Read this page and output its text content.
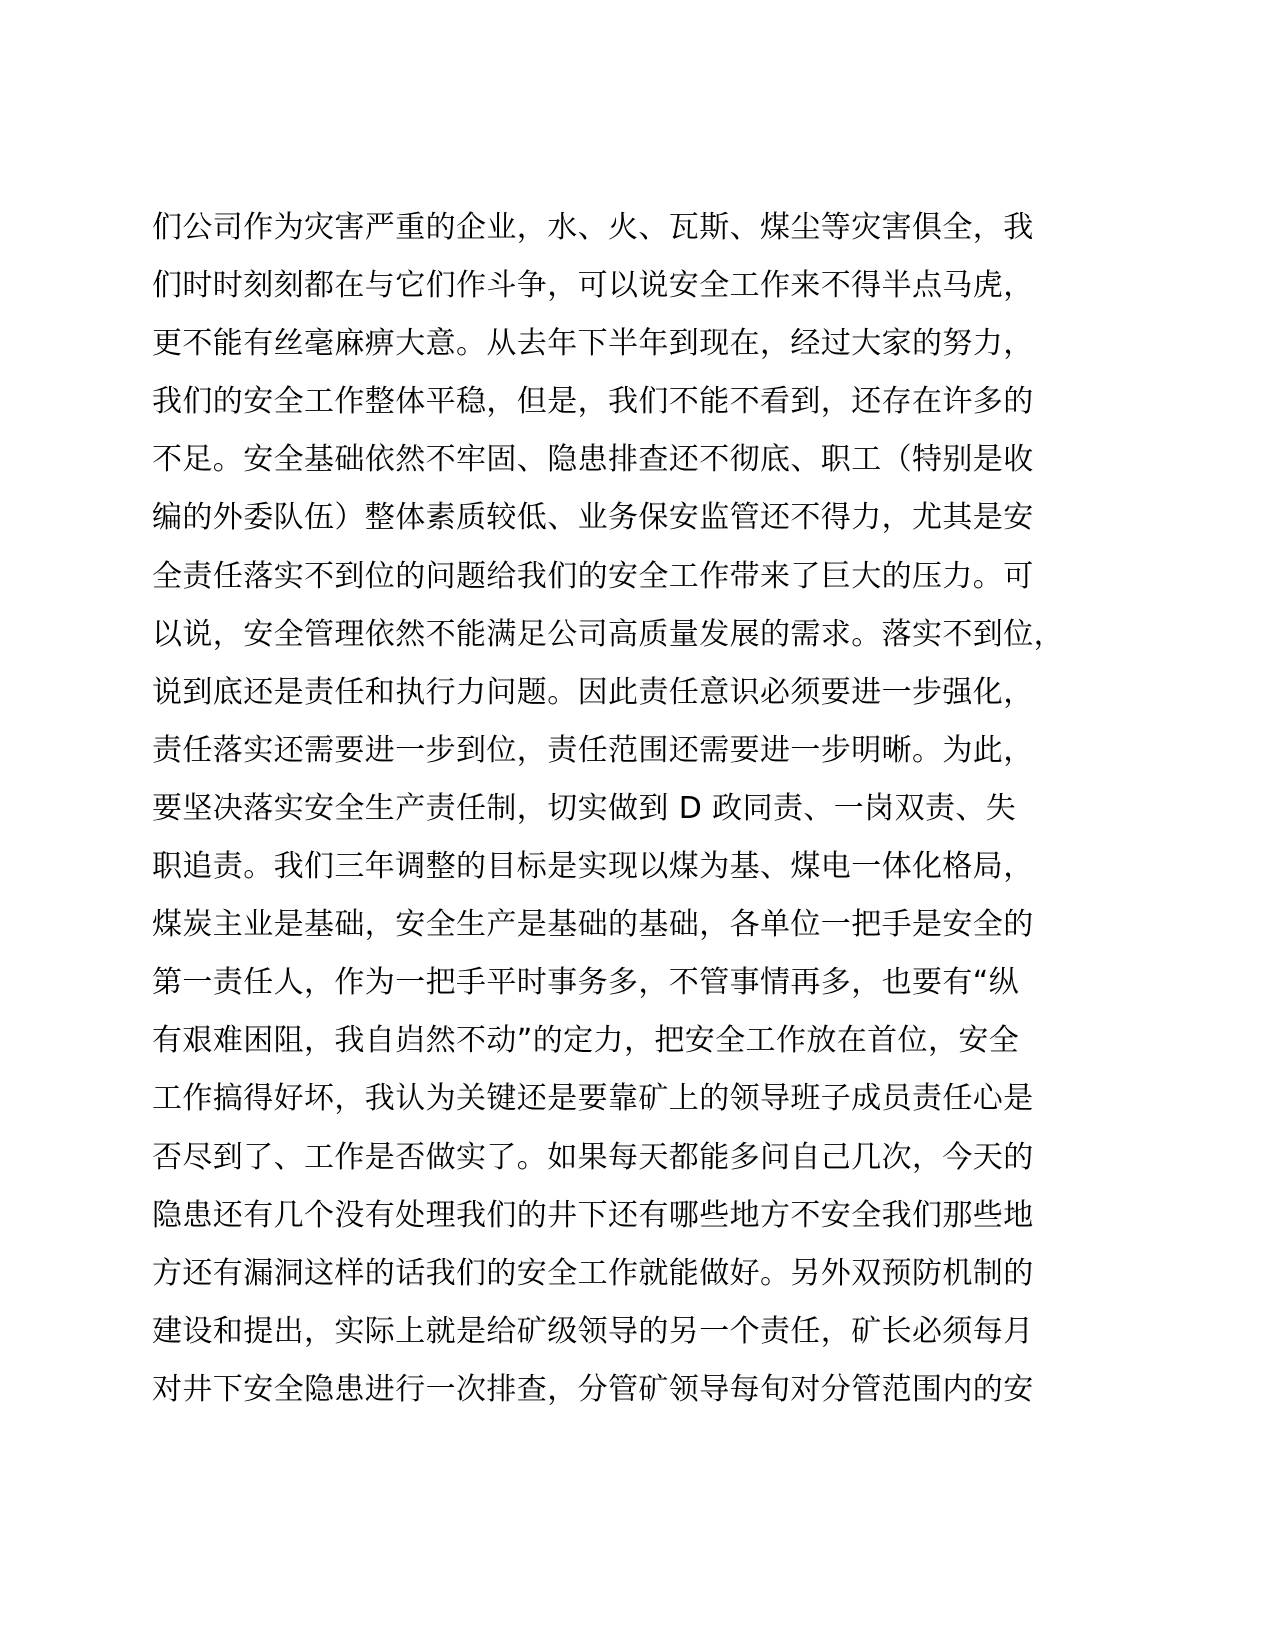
们公司作为灾害严重的企业，水、火、瓦斯、煤尘等灾害俱全，我
们时时刻刻都在与它们作斗争，可以说安全工作来不得半点马虎，
更不能有丝毫麻痹大意。从去年下半年到现在，经过大家的努力，
我们的安全工作整体平稳，但是，我们不能不看到，还存在许多的
不足。安全基础依然不牢固、隐患排查还不彻底、职工（特别是收
编的外委队伍）整体素质较低、业务保安监管还不得力，尤其是安
全责任落实不到位的问题给我们的安全工作带来了巨大的压力。可
以说，安全管理依然不能满足公司高质量发展的需求。落实不到位，
说到底还是责任和执行力问题。因此责任意识必须要进一步强化，
责任落实还需要进一步到位，责任范围还需要进一步明晰。为此，
要坚决落实安全生产责任制，切实做到 D 政同责、一岗双责、失
职追责。我们三年调整的目标是实现以煤为基、煤电一体化格局，
煤炭主业是基础，安全生产是基础的基础，各单位一把手是安全的
第一责任人，作为一把手平时事务多，不管事情再多，也要有“纵
有艰难困阻，我自岿然不动”的定力，把安全工作放在首位，安全
工作搞得好坏，我认为关键还是要靠矿上的领导班子成员责任心是
否尽到了、工作是否做实了。如果每天都能多问自己几次，今天的
隐患还有几个没有处理我们的井下还有哪些地方不安全我们那些地
方还有漏洞这样的话我们的安全工作就能做好。另外双预防机制的
建设和提出，实际上就是给矿级领导的另一个责任，矿长必须每月
对井下安全隐患进行一次排查，分管矿领导每旬对分管范围内的安
